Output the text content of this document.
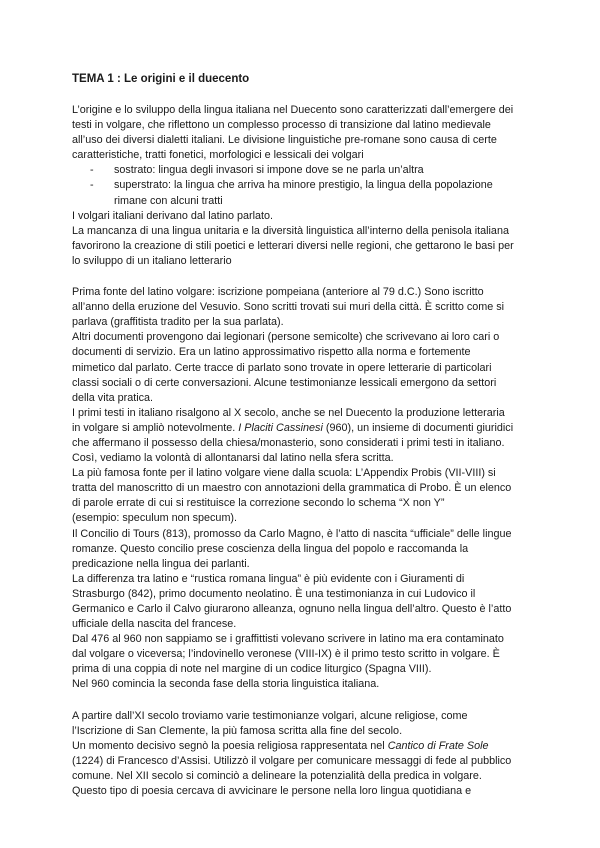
TEMA 1 : Le origini e il duecento

L’origine e lo sviluppo della lingua italiana nel Duecento sono caratterizzati dall’emergere dei

testi in volgare, che riflettono un complesso processo di transizione dal latino medievale

all’uso dei diversi dialetti italiani. Le divisione linguistiche pre-romane sono causa di certe

caratteristiche, tratti fonetici, morfologici e lessicali dei volgari

- sostrato: lingua degli invasori si impone dove se ne parla un’altra

- superstrato: la lingua che arriva ha minore prestigio, la lingua della popolazione

rimane con alcuni tratti

I volgari italiani derivano dal latino parlato.

La mancanza di una lingua unitaria e la diversità linguistica all’interno della penisola italiana

favorirono la creazione di stili poetici e letterari diversi nelle regioni, che gettarono le basi per

lo sviluppo di un italiano letterario

Prima fonte del latino volgare: iscrizione pompeiana (anteriore al 79 d.C.) Sono iscritto

all’anno della eruzione del Vesuvio. Sono scritti trovati sui muri della città. È scritto come si

parlava (graffitista tradito per la sua parlata).

Altri documenti provengono dai legionari (persone semicolte) che scrivevano ai loro cari o

documenti di servizio. Era un latino approssimativo rispetto alla norma e fortemente

mimetico dal parlato. Certe tracce di parlato sono trovate in opere letterarie di particolari

classi sociali o di certe conversazioni. Alcune testimonianze lessicali emergono da settori

della vita pratica.

I primi testi in italiano risalgono al X secolo, anche se nel Duecento la produzione letteraria

in volgare si ampliò notevolmente. I Placiti Cassinesi (960), un insieme di documenti giuridici

che affermano il possesso della chiesa/monasterio, sono considerati i primi testi in italiano.

Così, vediamo la volontà di allontanarsi dal latino nella sfera scritta.

La più famosa fonte per il latino volgare viene dalla scuola: L’Appendix Probis (VII-VIII) si

tratta del manoscritto di un maestro con annotazioni della grammatica di Probo. È un elenco

di parole errate di cui si restituisce la correzione secondo lo schema “X non Y”

(esempio: speculum non specum).

Il Concilio di Tours (813), promosso da Carlo Magno, è l’atto di nascita “ufficiale” delle lingue

romanze. Questo concilio prese coscienza della lingua del popolo e raccomanda la

predicazione nella lingua dei parlanti.

La differenza tra latino e “rustica romana lingua” è più evidente con i Giuramenti di

Strasburgo (842), primo documento neolatino. È una testimonianza in cui Ludovico il

Germanico e Carlo il Calvo giurarono alleanza, ognuno nella lingua dell’altro. Questo è l’atto

ufficiale della nascita del francese.

Dal 476 al 960 non sappiamo se i graffittisti volevano scrivere in latino ma era contaminato

dal volgare o viceversa; l’indovinello veronese (VIII-IX) è il primo testo scritto in volgare. È

prima di una coppia di note nel margine di un codice liturgico (Spagna VIII).

Nel 960 comincia la seconda fase della storia linguistica italiana.

A partire dall’XI secolo troviamo varie testimonianze volgari, alcune religiose, come

l’Iscrizione di San Clemente, la più famosa scritta alla fine del secolo.

Un momento decisivo segnò la poesia religiosa rappresentata nel Cantico di Frate Sole

(1224) di Francesco d’Assisi. Utilizzò il volgare per comunicare messaggi di fede al pubblico

comune. Nel XII secolo si cominciò a delineare la potenzialità della predica in volgare.

Questo tipo di poesia cercava di avvicinare le persone nella loro lingua quotidiana e
